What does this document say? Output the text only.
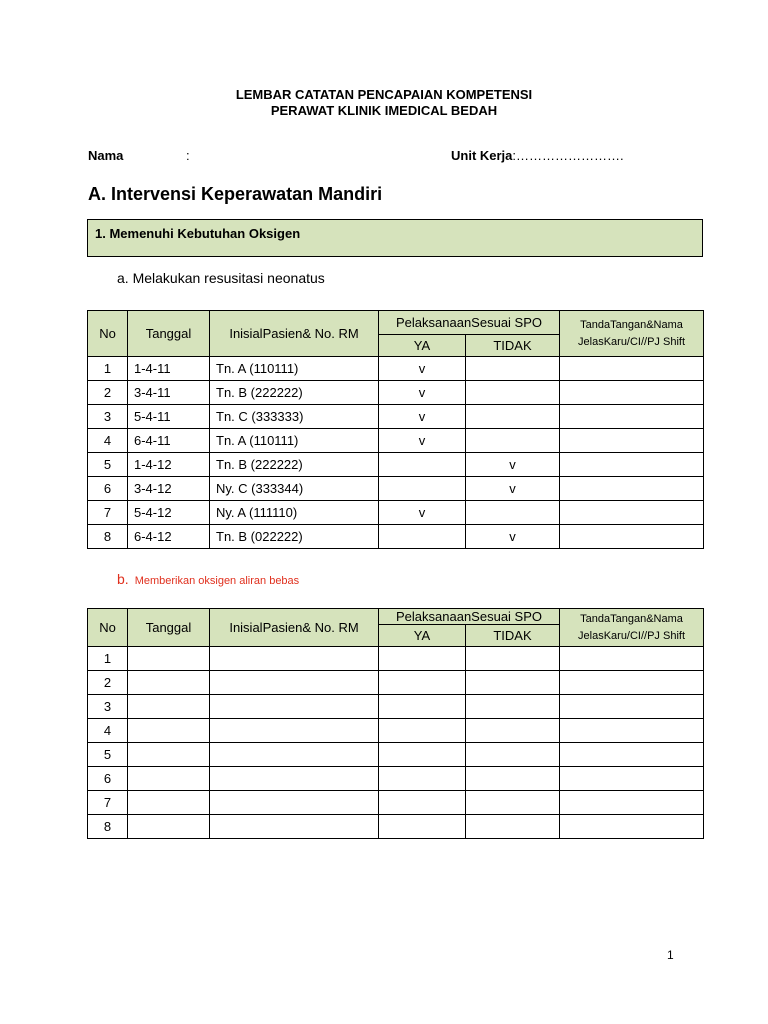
LEMBAR CATATAN PENCAPAIAN KOMPETENSI
PERAWAT KLINIK IMEDICAL BEDAH
Nama	:	Unit Kerja:…………………….
A. Intervensi Keperawatan Mandiri
1. Memenuhi Kebutuhan Oksigen
a. Melakukan resusitasi neonatus
No	Tanggal	InisialPasien& No. RM	PelaksanaanSesuai SPO		TandaTangan&Nama
JelasKaru/CI//PJ Shift
			YA	TIDAK	
1	1-4-11	Tn. A (110111)	v		
2	3-4-11	Tn. B (222222)	v		
3	5-4-11	Tn. C (333333)	v		
4	6-4-11	Tn. A (110111)	v		
5	1-4-12	Tn. B (222222)		v	
6	3-4-12	Ny. C (333344)		v	
7	5-4-12	Ny. A (111110)	v		
8	6-4-12	Tn. B (022222)		v	
b. Memberikan oksigen aliran bebas
No	Tanggal	InisialPasien& No. RM	PelaksanaanSesuai SPO		TandaTangan&Nama
JelasKaru/CI//PJ Shift
			YA	TIDAK	
1					
2					
3					
4					
5					
6					
7					
8					
1
